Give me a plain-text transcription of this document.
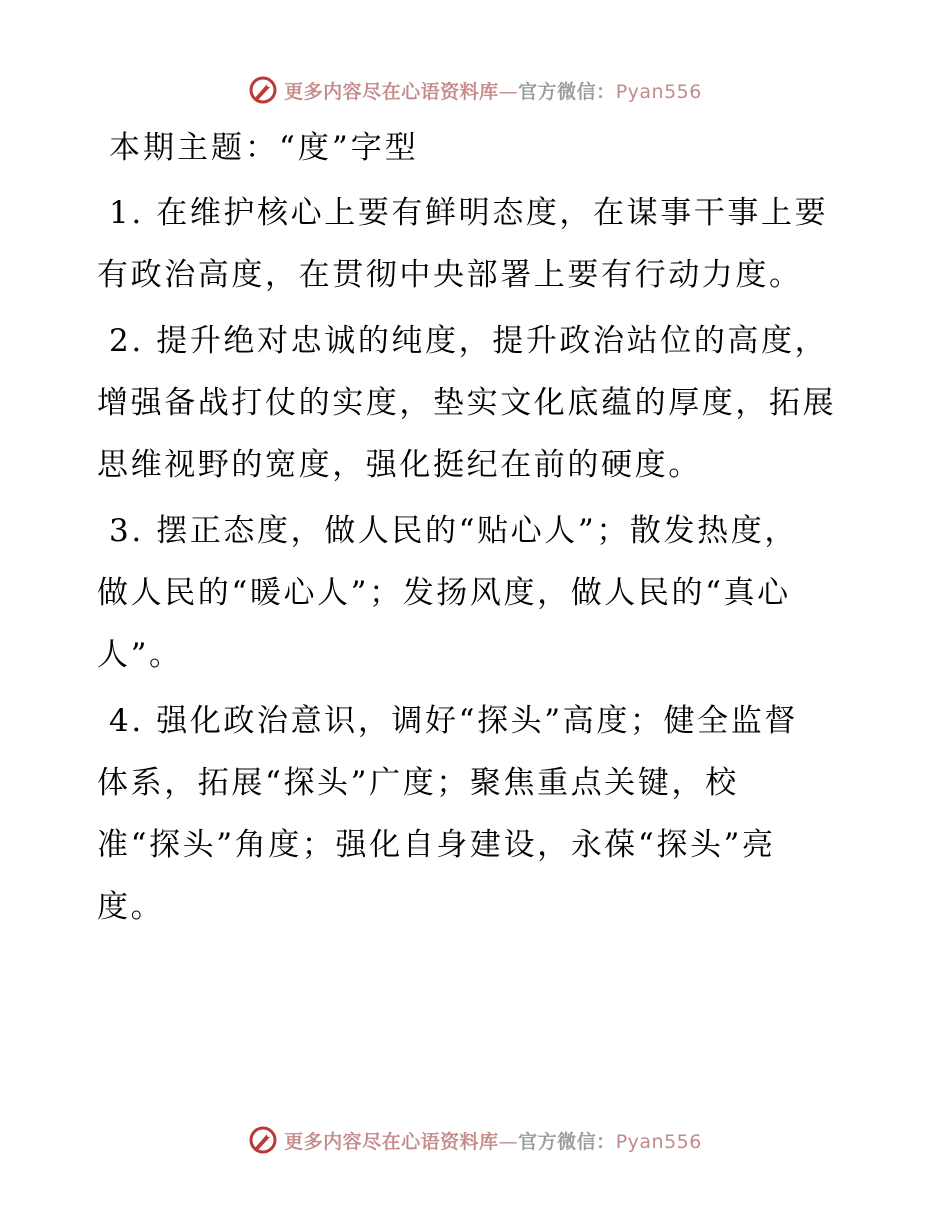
更多内容尽在心语资料库—官方微信：Pyan556
本期主题：“度”字型
1. 在维护核心上要有鲜明态度，在谋事干事上要
有政治高度，在贯彻中央部署上要有行动力度。
2. 提升绝对忠诚的纯度，提升政治站位的高度，
增强备战打仗的实度，垫实文化底蕴的厚度，拓展
思维视野的宽度，强化挺纪在前的硬度。
3. 摆正态度，做人民的“贴心人”；散发热度，
做人民的“暖心人”；发扬风度，做人民的“真心
人”。
4. 强化政治意识，调好“探头”高度；健全监督
体系，拓展“探头”广度；聚焦重点关键，校
准“探头”角度；强化自身建设，永葆“探头”亮
度。
更多内容尽在心语资料库—官方微信：Pyan556
